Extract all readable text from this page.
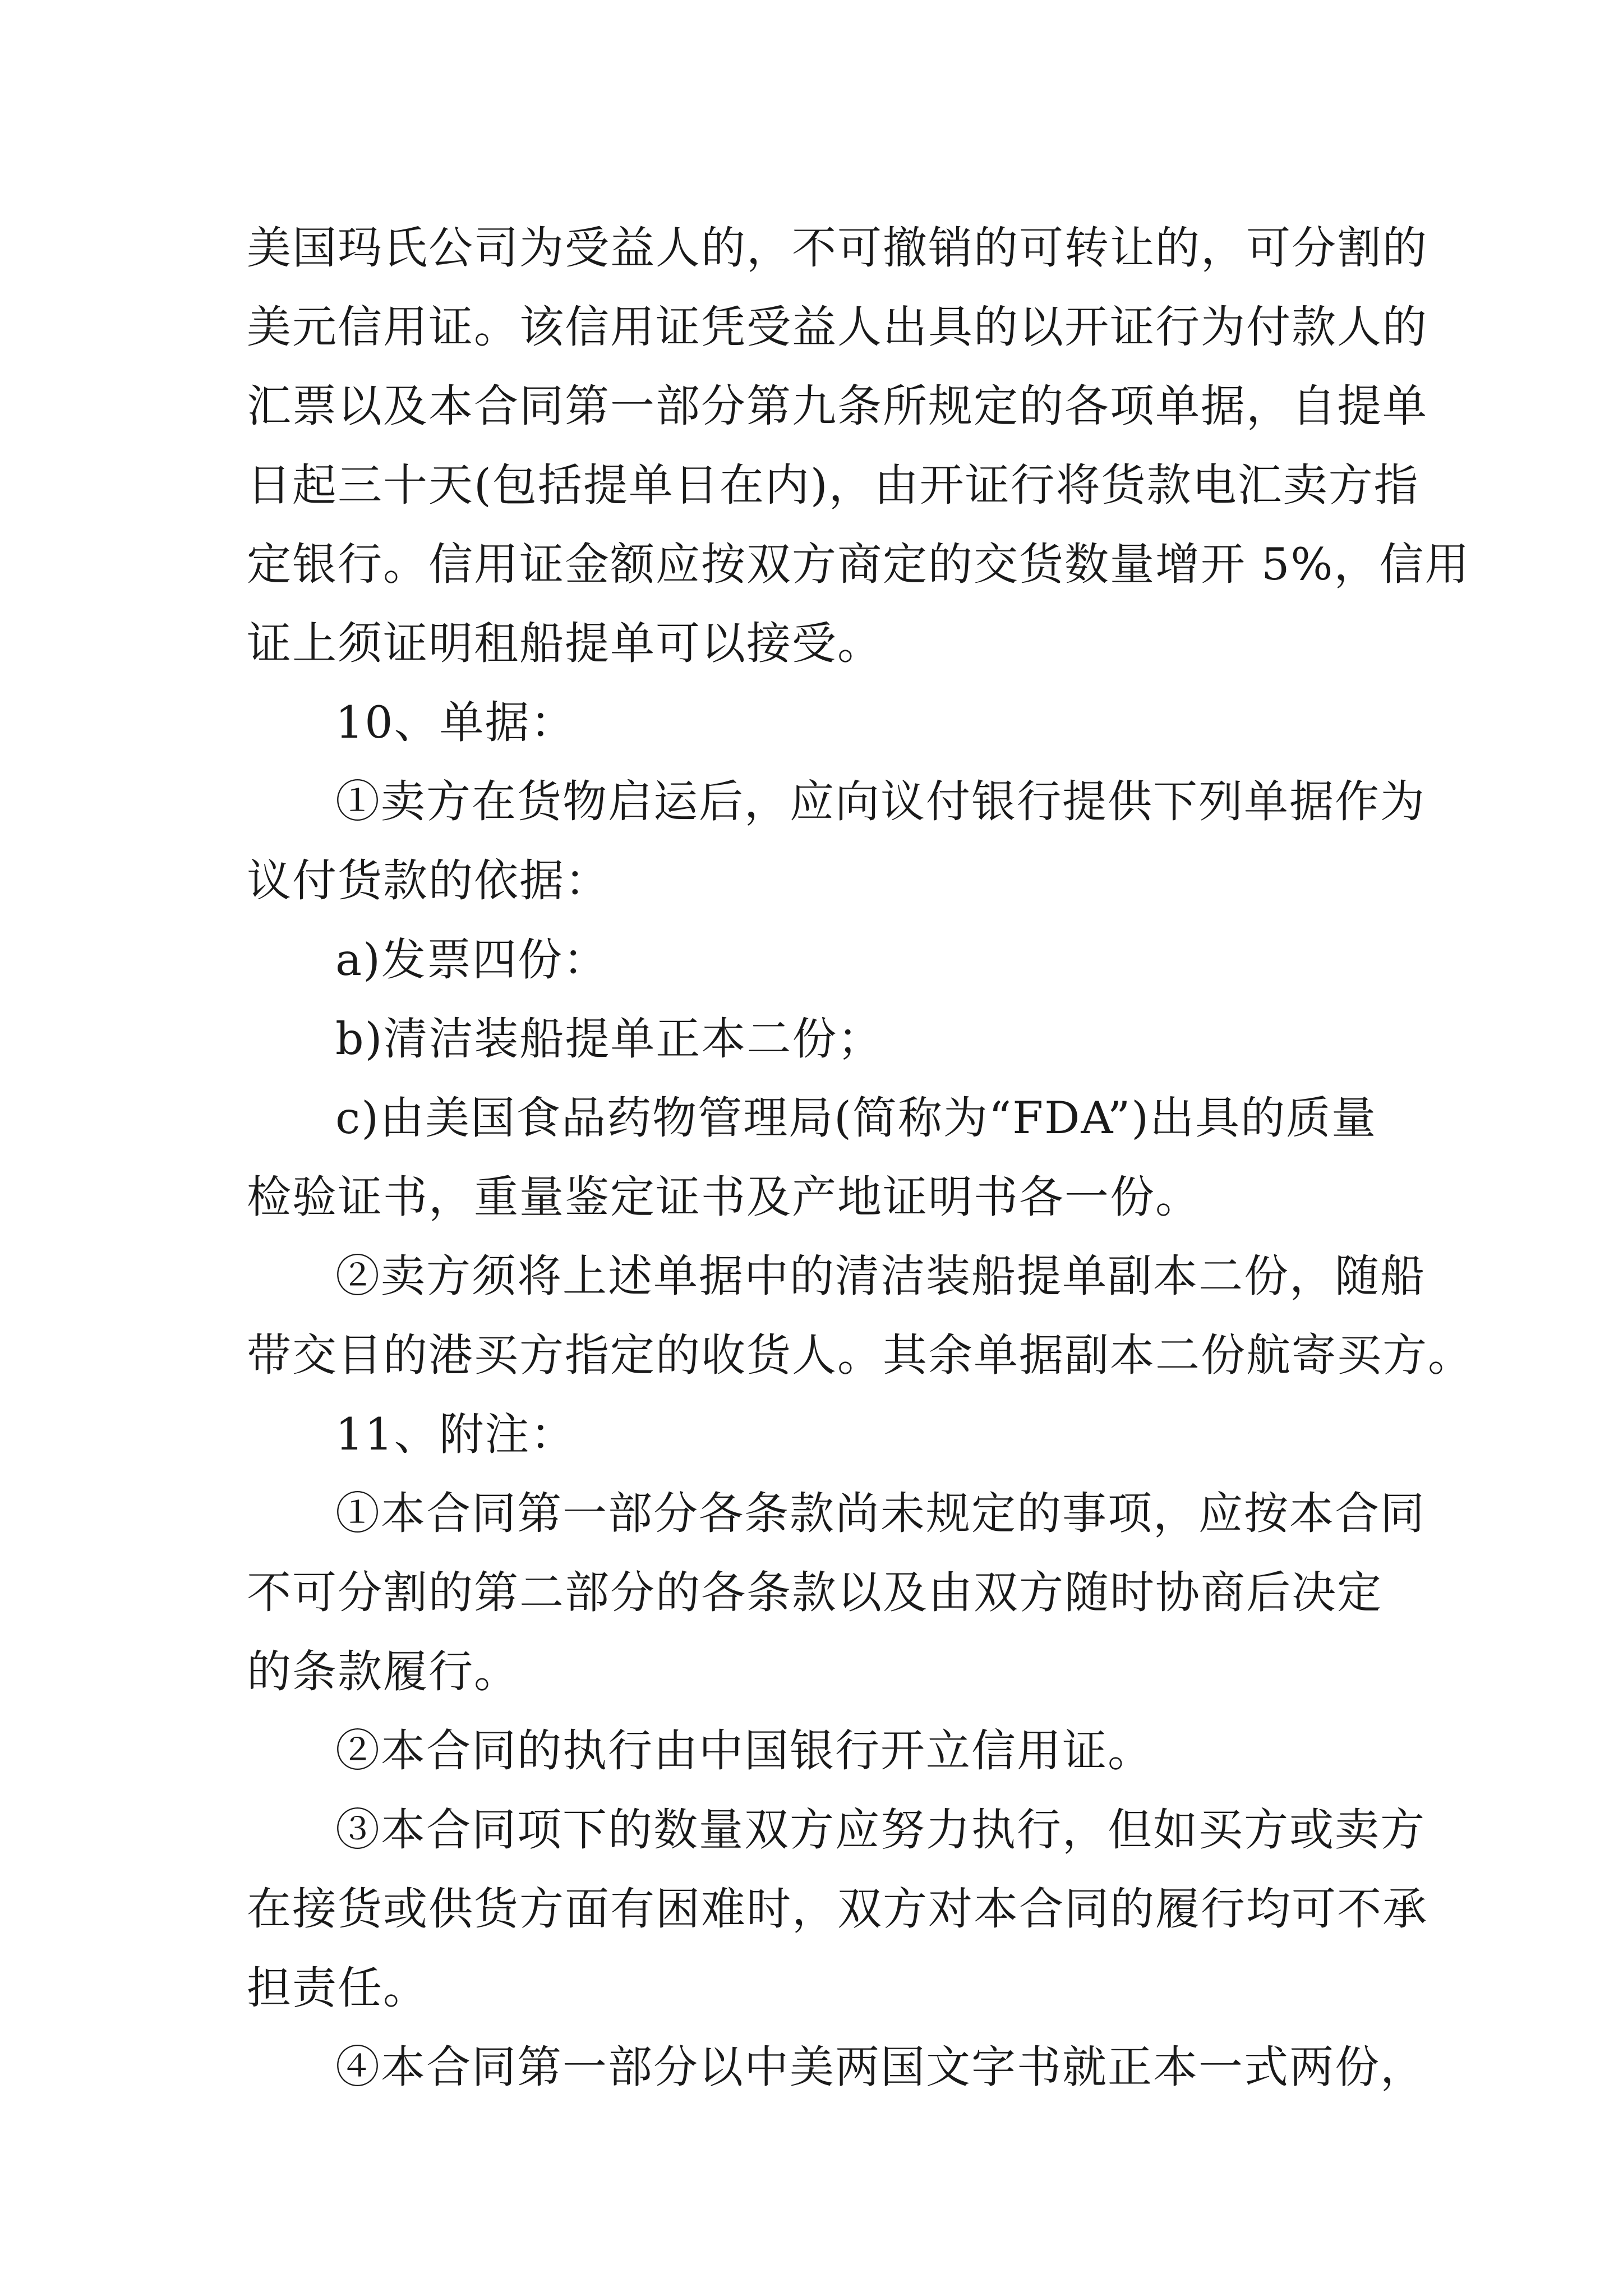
美国玛氏公司为受益人的，不可撤销的可转让的，可分割的
美元信用证。该信用证凭受益人出具的以开证行为付款人的
汇票以及本合同第一部分第九条所规定的各项单据，自提单
日起三十天(包括提单日在内)，由开证行将货款电汇卖方指
定银行。信用证金额应按双方商定的交货数量增开 5%，信用
证上须证明租船提单可以接受。
10、单据：
①卖方在货物启运后，应向议付银行提供下列单据作为
议付货款的依据：
a)发票四份：
b)清洁装船提单正本二份；
c)由美国食品药物管理局(简称为“FDA”)出具的质量
检验证书，重量鉴定证书及产地证明书各一份。
②卖方须将上述单据中的清洁装船提单副本二份，随船
带交目的港买方指定的收货人。其余单据副本二份航寄买方。
11、附注：
①本合同第一部分各条款尚未规定的事项，应按本合同
不可分割的第二部分的各条款以及由双方随时协商后决定
的条款履行。
②本合同的执行由中国银行开立信用证。
③本合同项下的数量双方应努力执行，但如买方或卖方
在接货或供货方面有困难时，双方对本合同的履行均可不承
担责任。
④本合同第一部分以中美两国文字书就正本一式两份，
